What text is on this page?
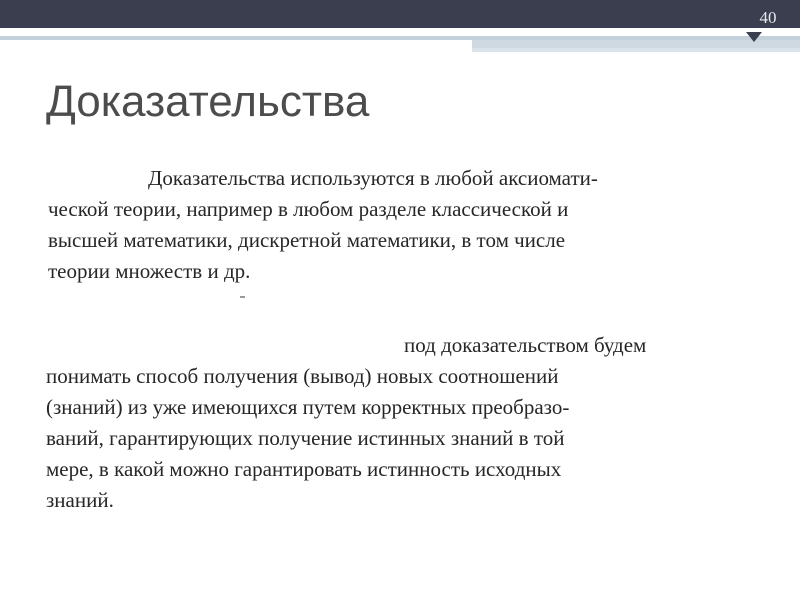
40
Доказательства
Доказательства используются в любой аксиомати-
ческой теории, например в любом разделе классической и
высшей математики, дискретной математики, в том числе
теории множеств и др.
под доказательством будем
понимать способ получения (вывод) новых соотношений
(знаний) из уже имеющихся путем корректных преобразо-
ваний, гарантирующих получение истинных знаний в той
мере, в какой можно гарантировать истинность исходных
знаний.
